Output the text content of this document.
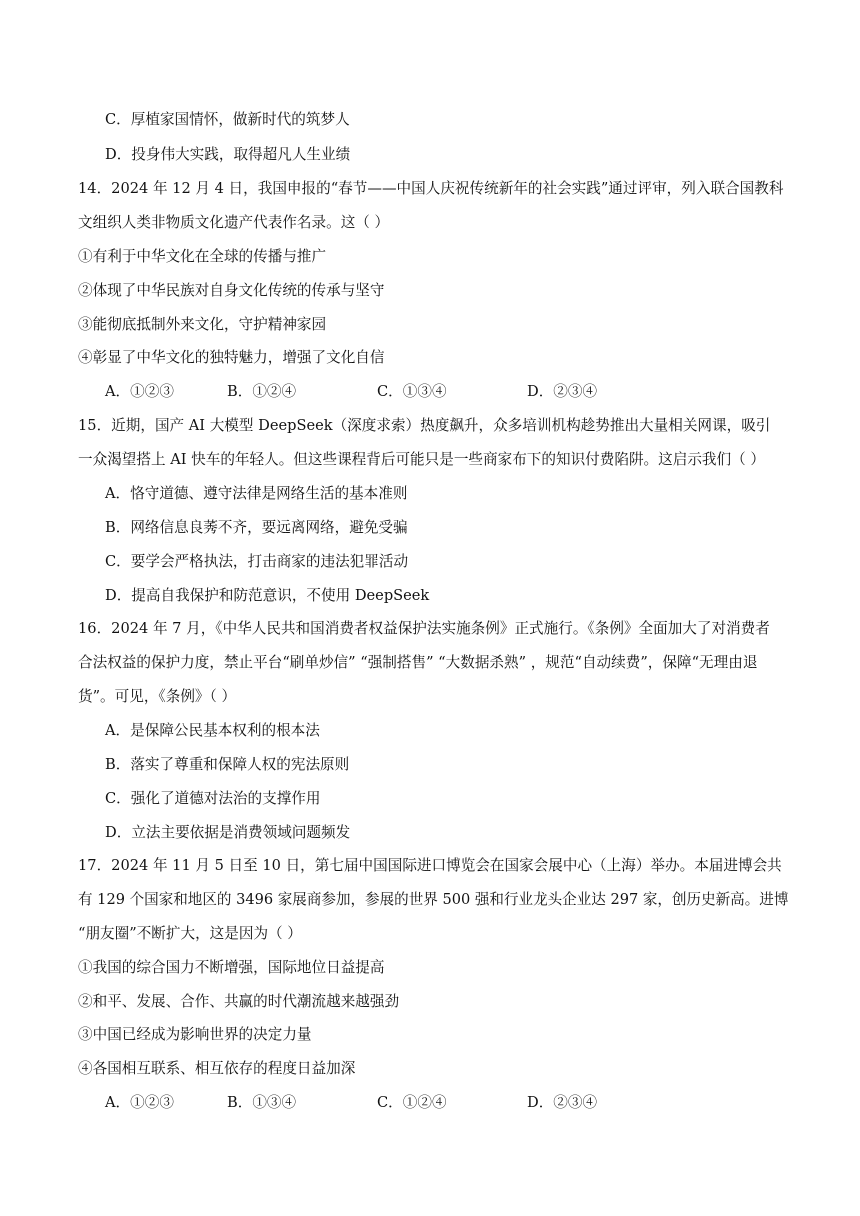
C．厚植家国情怀，做新时代的筑梦人
D．投身伟大实践，取得超凡人生业绩
14．2024 年 12 月 4 日，我国申报的“春节——中国人庆祝传统新年的社会实践”通过评审，列入联合国教科
文组织人类非物质文化遗产代表作名录。这（ ）
①有利于中华文化在全球的传播与推广
②体现了中华民族对自身文化传统的传承与坚守
③能彻底抵制外来文化，守护精神家园
④彰显了中华文化的独特魅力，增强了文化自信
A．①②③	B．①②④	C．①③④	D．②③④
15．近期，国产 AI 大模型 DeepSeek（深度求索）热度飙升，众多培训机构趁势推出大量相关网课，吸引
一众渴望搭上 AI 快车的年轻人。但这些课程背后可能只是一些商家布下的知识付费陷阱。这启示我们（ ）
A．恪守道德、遵守法律是网络生活的基本准则
B．网络信息良莠不齐，要远离网络，避免受骗
C．要学会严格执法，打击商家的违法犯罪活动
D．提高自我保护和防范意识，不使用 DeepSeek
16．2024 年 7 月，《中华人民共和国消费者权益保护法实施条例》正式施行。《条例》全面加大了对消费者
合法权益的保护力度，禁止平台“刷单炒信” “强制搭售” “大数据杀熟” ，规范“自动续费”，保障“无理由退
货”。可见，《条例》（ ）
A．是保障公民基本权利的根本法
B．落实了尊重和保障人权的宪法原则
C．强化了道德对法治的支撑作用
D．立法主要依据是消费领域问题频发
17．2024 年 11 月 5 日至 10 日，第七届中国国际进口博览会在国家会展中心（上海）举办。本届进博会共
有 129 个国家和地区的 3496 家展商参加，参展的世界 500 强和行业龙头企业达 297 家，创历史新高。进博
“朋友圈”不断扩大，这是因为（ ）
①我国的综合国力不断增强，国际地位日益提高
②和平、发展、合作、共赢的时代潮流越来越强劲
③中国已经成为影响世界的决定力量
④各国相互联系、相互依存的程度日益加深
A．①②③	B．①③④	C．①②④	D．②③④
